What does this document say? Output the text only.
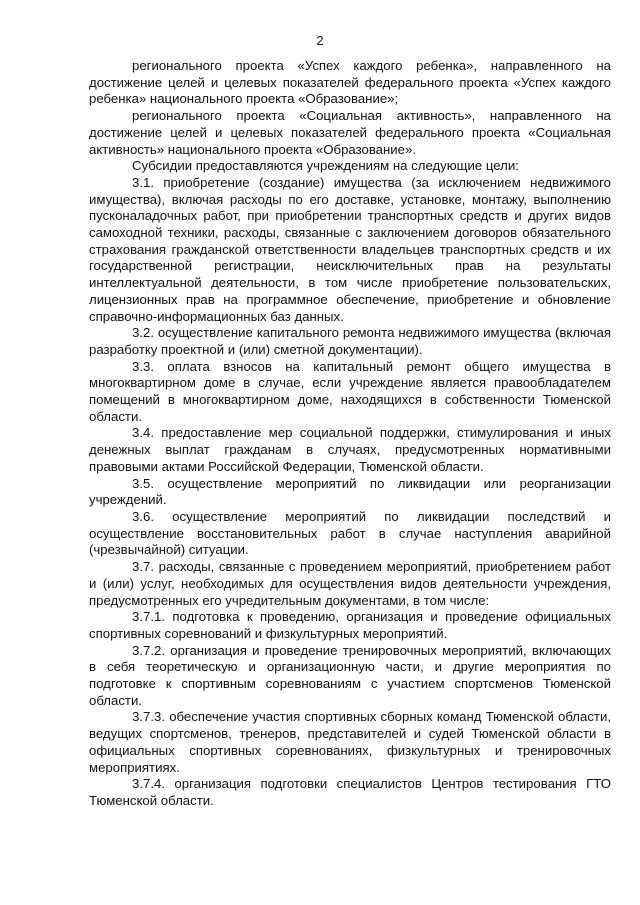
2

регионального проекта «Успех каждого ребенка», направленного на достижение целей и целевых показателей федерального проекта «Успех каждого ребенка» национального проекта «Образование»;

регионального проекта «Социальная активность», направленного на достижение целей и целевых показателей федерального проекта «Социальная активность» национального проекта «Образование».

Субсидии предоставляются учреждениям на следующие цели:

3.1. приобретение (создание) имущества (за исключением недвижимого имущества), включая расходы по его доставке, установке, монтажу, выполнению пусконаладочных работ, при приобретении транспортных средств и других видов самоходной техники, расходы, связанные с заключением договоров обязательного страхования гражданской ответственности владельцев транспортных средств и их государственной регистрации, неисключительных прав на результаты интеллектуальной деятельности, в том числе приобретение пользовательских, лицензионных прав на программное обеспечение, приобретение и обновление справочно-информационных баз данных.

3.2. осуществление капитального ремонта недвижимого имущества (включая разработку проектной и (или) сметной документации).

3.3. оплата взносов на капитальный ремонт общего имущества в многоквартирном доме в случае, если учреждение является правообладателем помещений в многоквартирном доме, находящихся в собственности Тюменской области.

3.4. предоставление мер социальной поддержки, стимулирования и иных денежных выплат гражданам в случаях, предусмотренных нормативными правовыми актами Российской Федерации, Тюменской области.

3.5. осуществление мероприятий по ликвидации или реорганизации учреждений.

3.6. осуществление мероприятий по ликвидации последствий и осуществление восстановительных работ в случае наступления аварийной (чрезвычайной) ситуации.

3.7. расходы, связанные с проведением мероприятий, приобретением работ и (или) услуг, необходимых для осуществления видов деятельности учреждения, предусмотренных его учредительным документами, в том числе:

3.7.1. подготовка к проведению, организация и проведение официальных спортивных соревнований и физкультурных мероприятий.

3.7.2. организация и проведение тренировочных мероприятий, включающих в себя теоретическую и организационную части, и другие мероприятия по подготовке к спортивным соревнованиям с участием спортсменов Тюменской области.

3.7.3. обеспечение участия спортивных сборных команд Тюменской области, ведущих спортсменов, тренеров, представителей и судей Тюменской области в официальных спортивных соревнованиях, физкультурных и тренировочных мероприятиях.

3.7.4. организация подготовки специалистов Центров тестирования ГТО Тюменской области.
